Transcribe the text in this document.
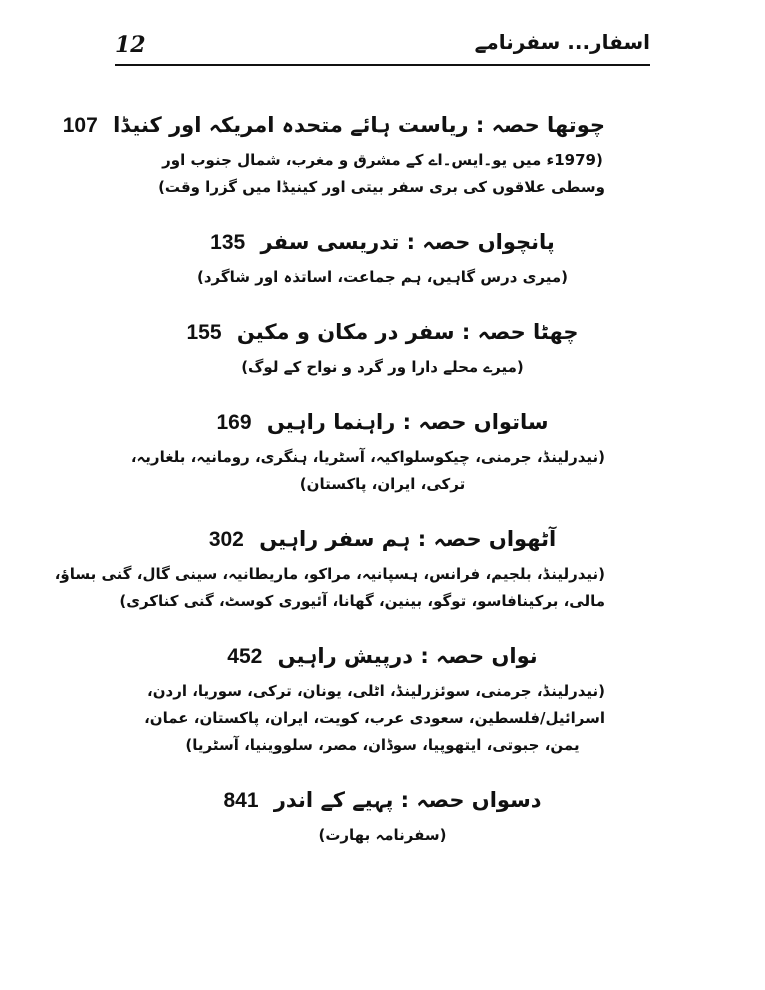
12	اسفار... سفرنامے
چوتھا حصہ : ریاست ہائے متحدہ امریکہ اور کنیڈا 107
(1979ء میں یو۔ایس۔اے کے مشرق و مغرب، شمال جنوب اور
وسطی علاقوں کی بری سفر بیتی اور کینیڈا میں گزرا وقت)
پانچواں حصہ : تدریسی سفر 135
(میری درس گاہیں، ہم جماعت، اساتذہ اور شاگرد)
چھٹا حصہ : سفر در مکان و مکین 155
(میرے محلے دارا ور گرد و نواح کے لوگ)
ساتواں حصہ : راہنما راہیں 169
(نیدرلینڈ، جرمنی، چیکوسلواکیہ، آسٹریا، ہنگری، رومانیہ، بلغاریہ،
ترکی، ایران، پاکستان)
آٹھواں حصہ : ہم سفر راہیں 302
(نیدرلینڈ، بلجیم، فرانس، ہسپانیہ، مراکو، ماریطانیہ، سینی گال، گنی بساؤ،
مالی، برکینافاسو، توگو، بینین، گھانا، آئیوری کوسٹ، گنی کناکری)
نواں حصہ : درپیش راہیں 452
(نیدرلینڈ، جرمنی، سوئزرلینڈ، اٹلی، یونان، ترکی، سوریا، اردن،
اسرائیل/فلسطین، سعودی عرب، کویت، ایران، پاکستان، عمان،
یمن، جبوتی، ایتھوپیا، سوڈان، مصر، سلووینیا، آسٹریا)
دسواں حصہ : پہیے کے اندر 841
(سفرنامہ بھارت)
